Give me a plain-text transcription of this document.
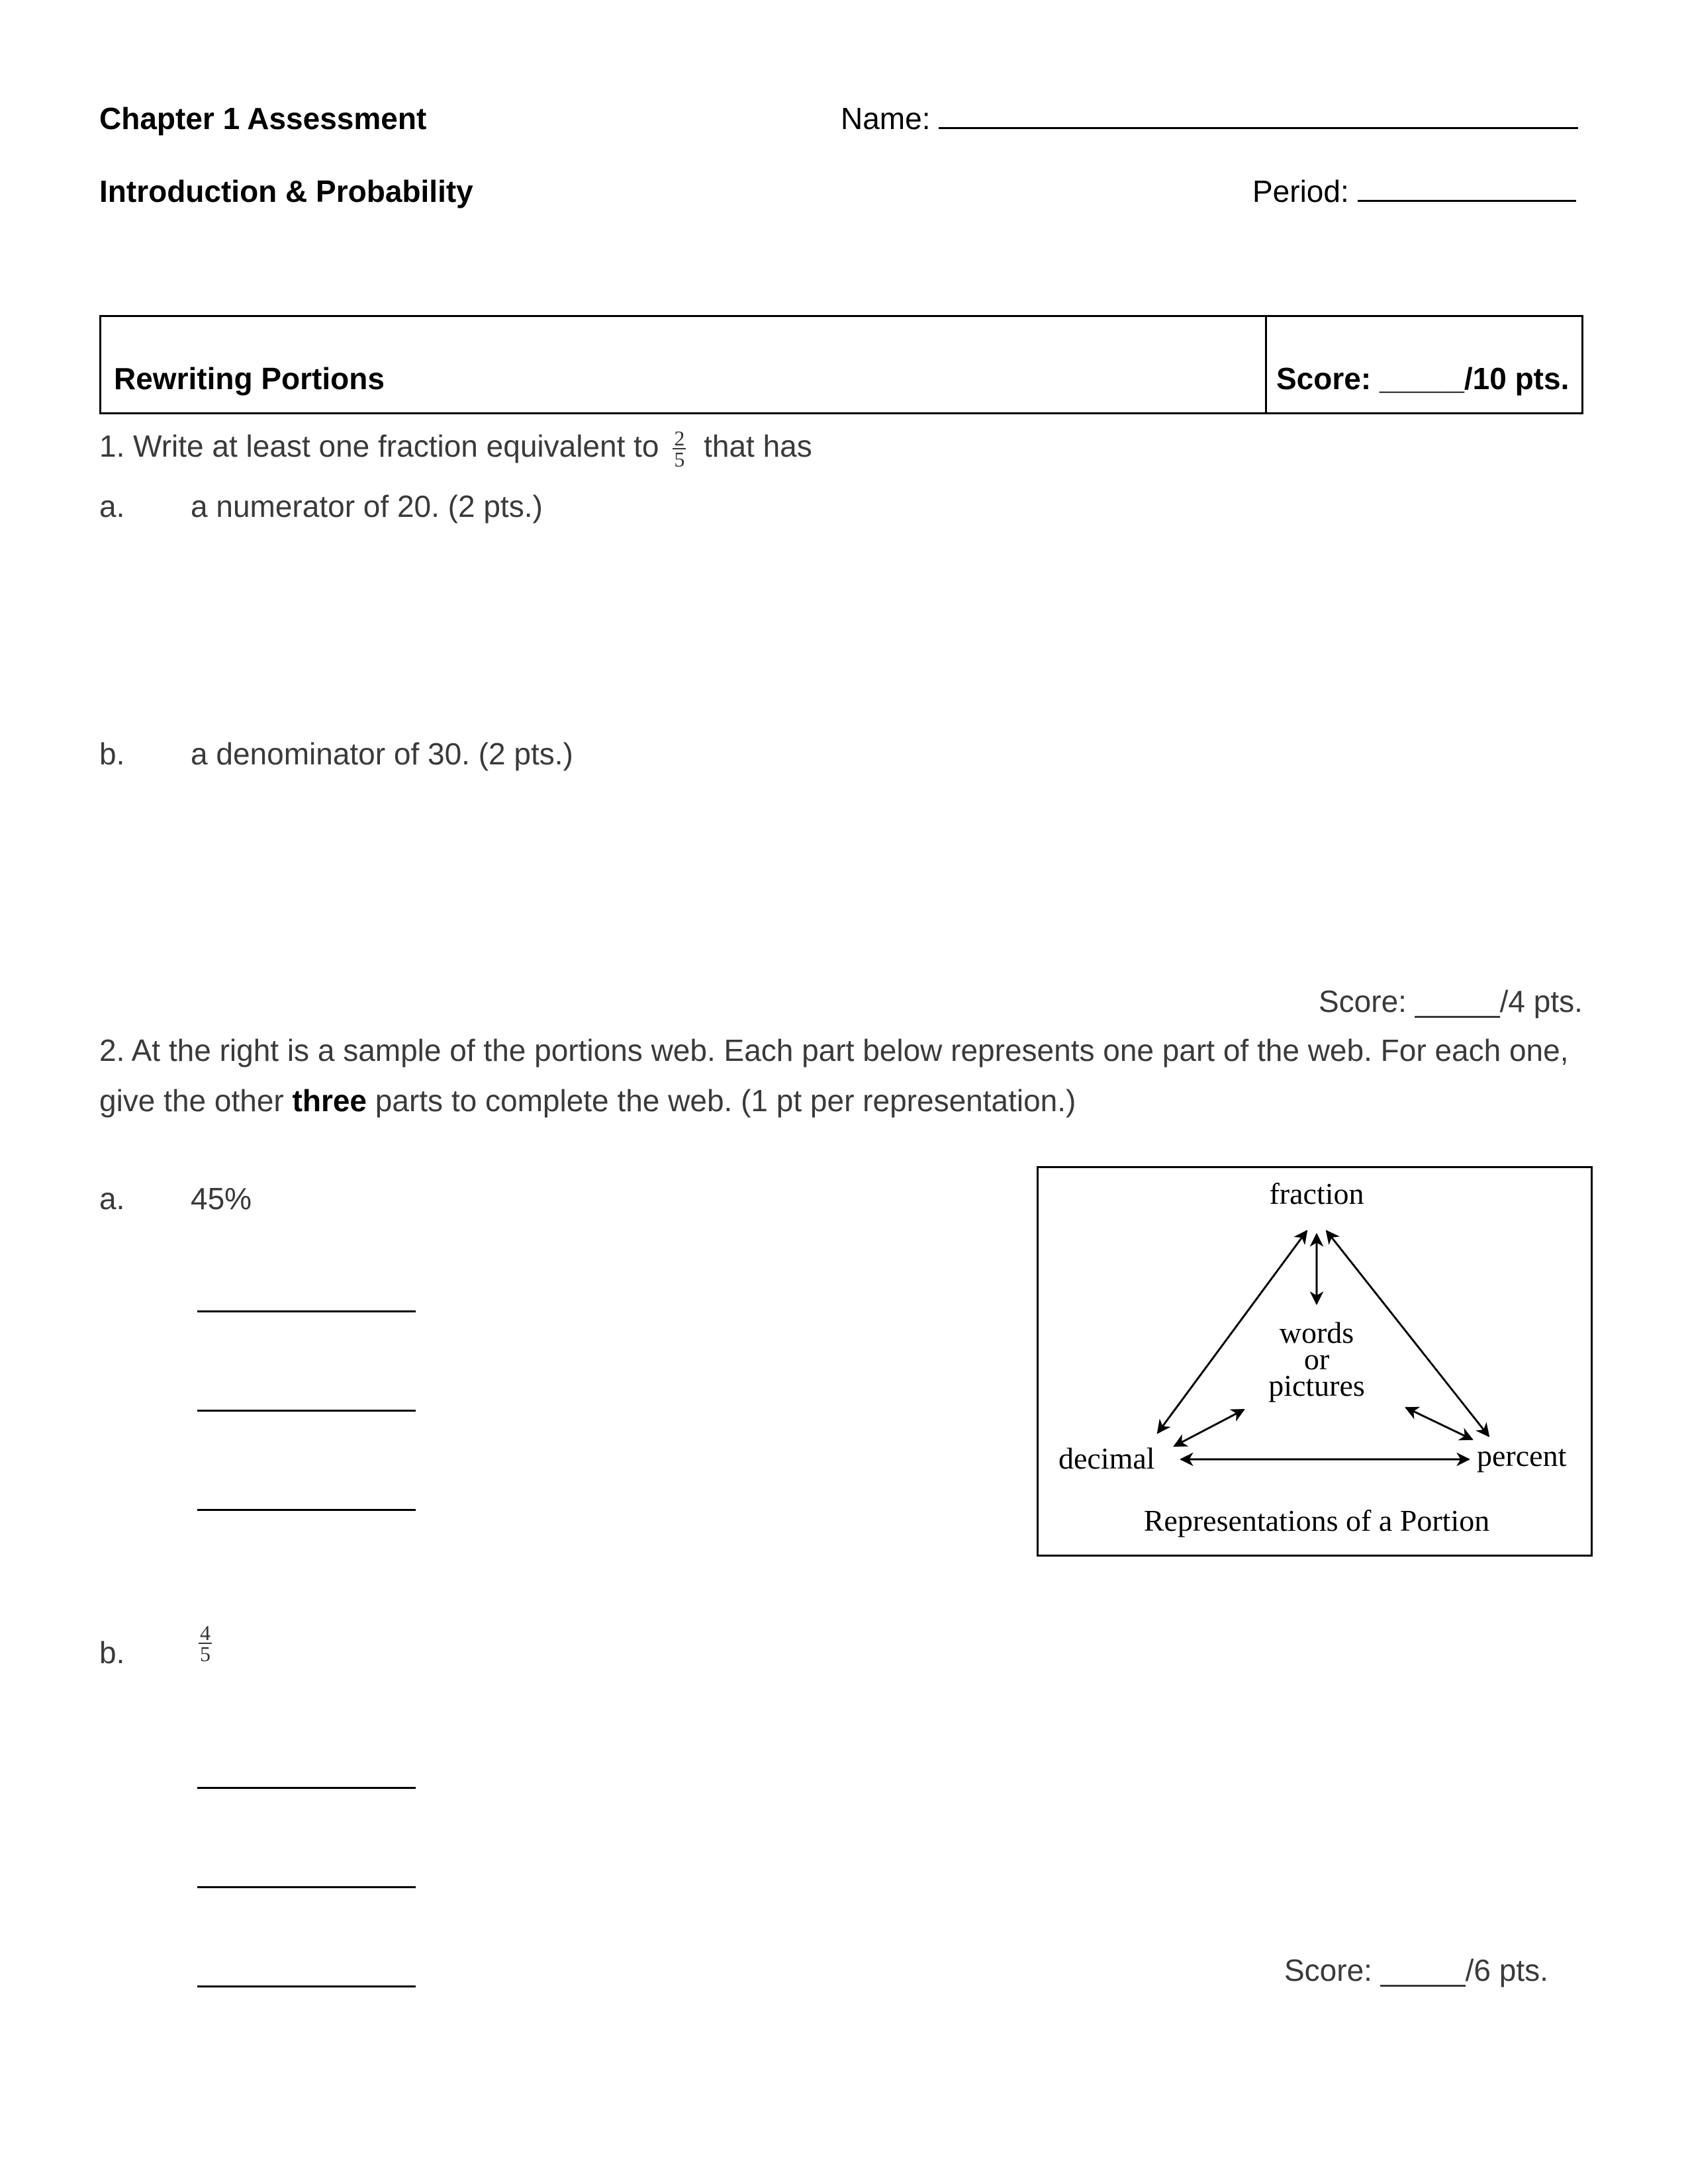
Chapter 1 Assessment	Name:
Introduction & Probability	Period:
Rewriting Portions	Score: _____/10 pts.
1. Write at least one fraction equivalent to $\frac{2}{5}$ that has
a. a numerator of 20. (2 pts.)
b. a denominator of 30. (2 pts.)
Score: _____/4 pts.
2. At the right is a sample of the portions web. Each part below represents one part of the web. For each one,
give the other three parts to complete the web. (1 pt per representation.)
a. 45%
b.	$\frac{4}{5}$
Score: _____/6 pts.
fraction
words
or
pictures
decimal	percent
Representations of a Portion
